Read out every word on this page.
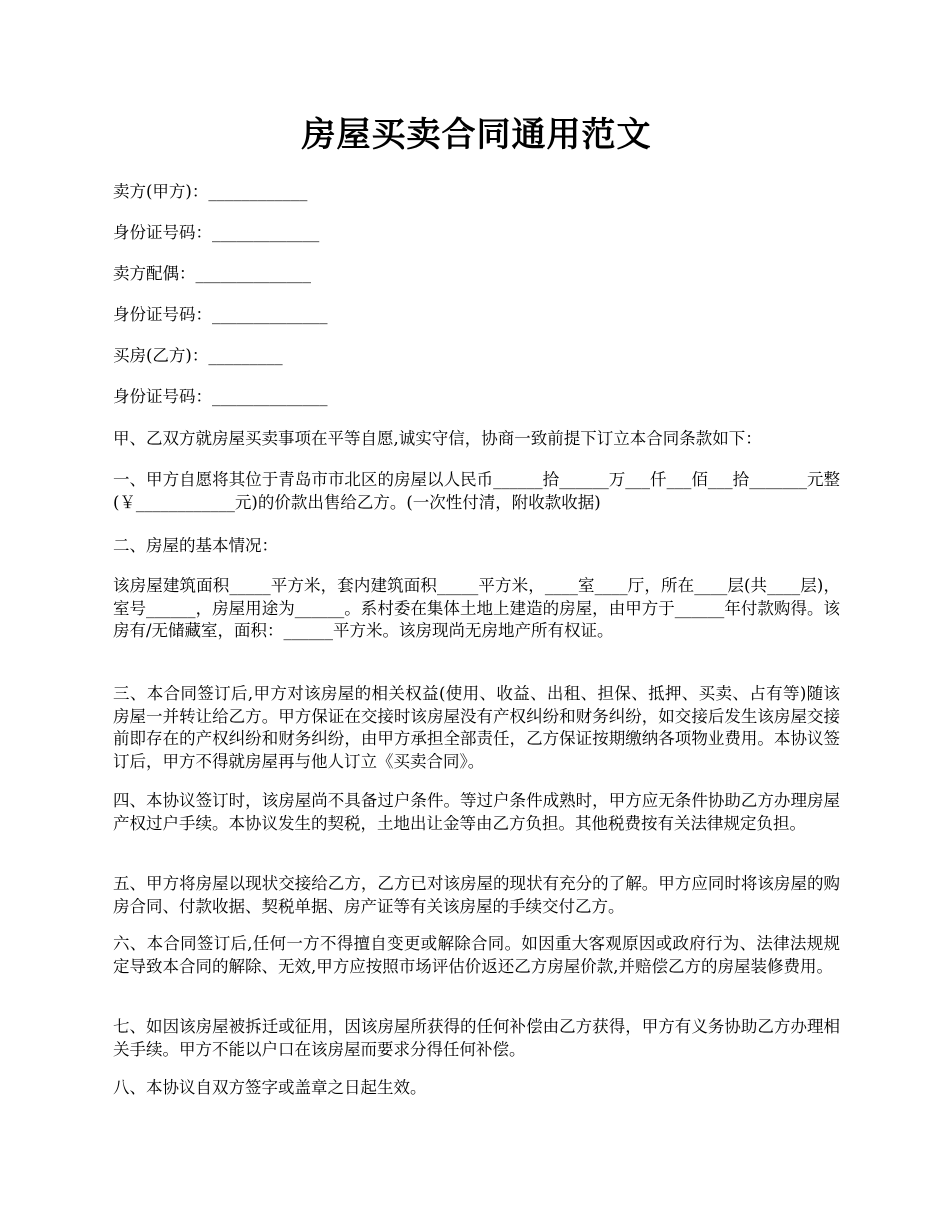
房屋买卖合同通用范文

卖方(甲方)：____________

身份证号码：_____________

卖方配偶：______________

身份证号码：______________

买房(乙方)：_________

身份证号码：______________

甲、乙双方就房屋买卖事项在平等自愿,诚实守信，协商一致前提下订立本合同条款如下：

一、甲方自愿将其位于青岛市市北区的房屋以人民币______拾______万___仟___佰___拾_______元整(￥____________元)的价款出售给乙方。(一次性付清，附收款收据)

二、房屋的基本情况：

该房屋建筑面积_____平方米，套内建筑面积_____平方米，____室____厅，所在____层(共____层)，室号______，房屋用途为______。系村委在集体土地上建造的房屋，由甲方于______年付款购得。该房有/无储藏室，面积：______平方米。该房现尚无房地产所有权证。

三、本合同签订后,甲方对该房屋的相关权益(使用、收益、出租、担保、抵押、买卖、占有等)随该房屋一并转让给乙方。甲方保证在交接时该房屋没有产权纠纷和财务纠纷，如交接后发生该房屋交接前即存在的产权纠纷和财务纠纷，由甲方承担全部责任，乙方保证按期缴纳各项物业费用。本协议签订后，甲方不得就房屋再与他人订立《买卖合同》。

四、本协议签订时，该房屋尚不具备过户条件。等过户条件成熟时，甲方应无条件协助乙方办理房屋产权过户手续。本协议发生的契税，土地出让金等由乙方负担。其他税费按有关法律规定负担。

五、甲方将房屋以现状交接给乙方，乙方已对该房屋的现状有充分的了解。甲方应同时将该房屋的购房合同、付款收据、契税单据、房产证等有关该房屋的手续交付乙方。

六、本合同签订后,任何一方不得擅自变更或解除合同。如因重大客观原因或政府行为、法律法规规定导致本合同的解除、无效,甲方应按照市场评估价返还乙方房屋价款,并赔偿乙方的房屋装修费用。

七、如因该房屋被拆迁或征用，因该房屋所获得的任何补偿由乙方获得，甲方有义务协助乙方办理相关手续。甲方不能以户口在该房屋而要求分得任何补偿。

八、本协议自双方签字或盖章之日起生效。
